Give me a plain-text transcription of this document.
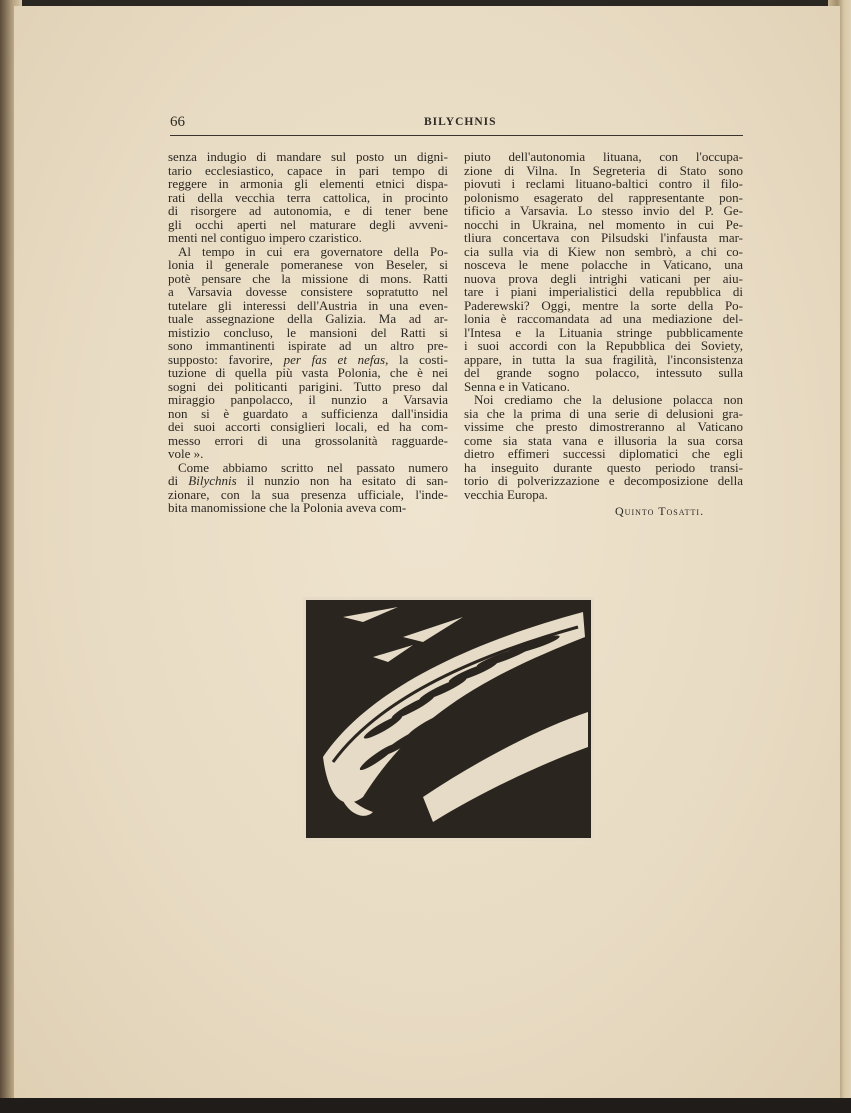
66	BILYCHNIS
senza indugio di mandare sul posto un digni-
tario ecclesiastico, capace in pari tempo di
reggere in armonia gli elementi etnici dispa-
rati della vecchia terra cattolica, in procinto
di risorgere ad autonomia, e di tener bene
gli occhi aperti nel maturare degli avveni-
menti nel contiguo impero czaristico.
Al tempo in cui era governatore della Po-
lonia il generale pomeranese von Beseler, si
potè pensare che la missione di mons. Ratti
a Varsavia dovesse consistere sopratutto nel
tutelare gli interessi dell'Austria in una even-
tuale assegnazione della Galizia. Ma ad ar-
mistizio concluso, le mansioni del Ratti si
sono immantinenti ispirate ad un altro pre-
supposto: favorire, per fas et nefas, la costi-
tuzione di quella più vasta Polonia, che è nei
sogni dei politicanti parigini. Tutto preso dal
miraggio panpolacco, il nunzio a Varsavia
non si è guardato a sufficienza dall'insidia
dei suoi accorti consiglieri locali, ed ha com-
messo errori di una grossolanità ragguarde-
vole ».
Come abbiamo scritto nel passato numero
di Bilychnis il nunzio non ha esitato di san-
zionare, con la sua presenza ufficiale, l'inde-
bita manomissione che la Polonia aveva com-
piuto dell'autonomia lituana, con l'occupa-
zione di Vilna. In Segreteria di Stato sono
piovuti i reclami lituano-baltici contro il filo-
polonismo esagerato del rappresentante pon-
tificio a Varsavia. Lo stesso invio del P. Ge-
nocchi in Ukraina, nel momento in cui Pe-
tliura concertava con Pilsudski l'infausta mar-
cia sulla via di Kiew non sembrò, a chi co-
nosceva le mene polacche in Vaticano, una
nuova prova degli intrighi vaticani per aiu-
tare i piani imperialistici della repubblica di
Paderewski? Oggi, mentre la sorte della Po-
lonia è raccomandata ad una mediazione del-
l'Intesa e la Lituania stringe pubblicamente
i suoi accordi con la Repubblica dei Soviety,
appare, in tutta la sua fragilità, l'inconsistenza
del grande sogno polacco, intessuto sulla
Senna e in Vaticano.
Noi crediamo che la delusione polacca non
sia che la prima di una serie di delusioni gra-
vissime che presto dimostreranno al Vaticano
come sia stata vana e illusoria la sua corsa
dietro effimeri successi diplomatici che egli
ha inseguito durante questo periodo transi-
torio di polverizzazione e decomposizione della
vecchia Europa.
Quinto Tosatti.
